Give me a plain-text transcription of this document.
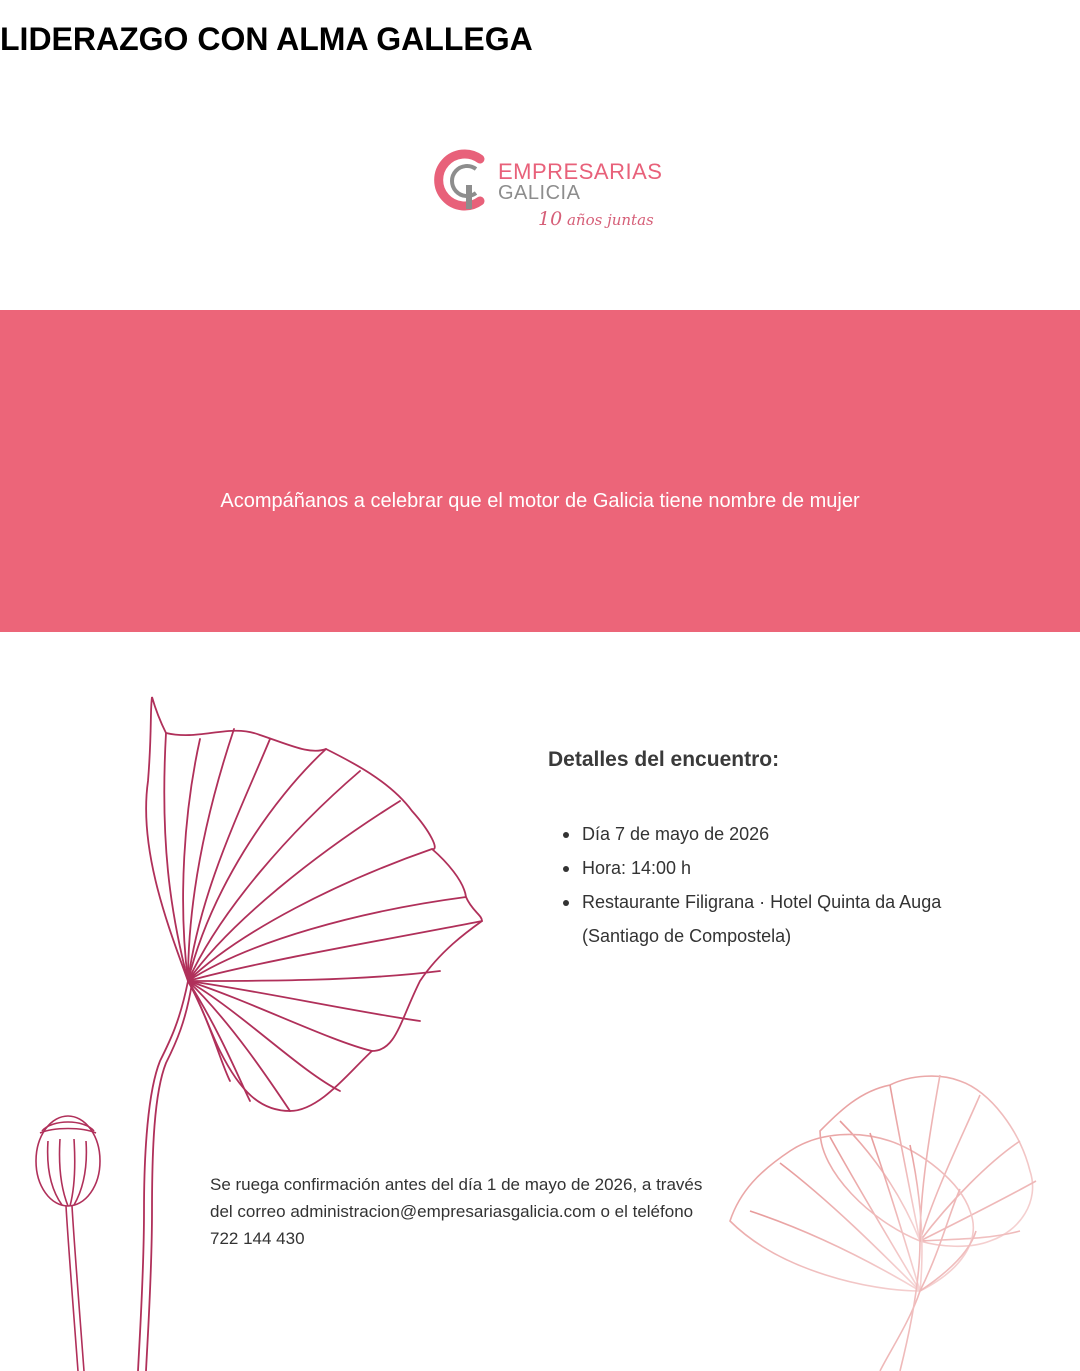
EMPRESARIAS
GALICIA
10 años juntas
LIDERAZGO CON ALMA GALLEGA
Acompáñanos a celebrar que el motor de Galicia tiene nombre de mujer
Detalles del encuentro:
Día 7 de mayo de 2026
Hora: 14:00 h
Restaurante Filigrana · Hotel Quinta da Auga (Santiago de Compostela)
Se ruega confirmación antes del día 1 de mayo de 2026, a través del correo administracion@empresariasgalicia.com o el teléfono 722 144 430
